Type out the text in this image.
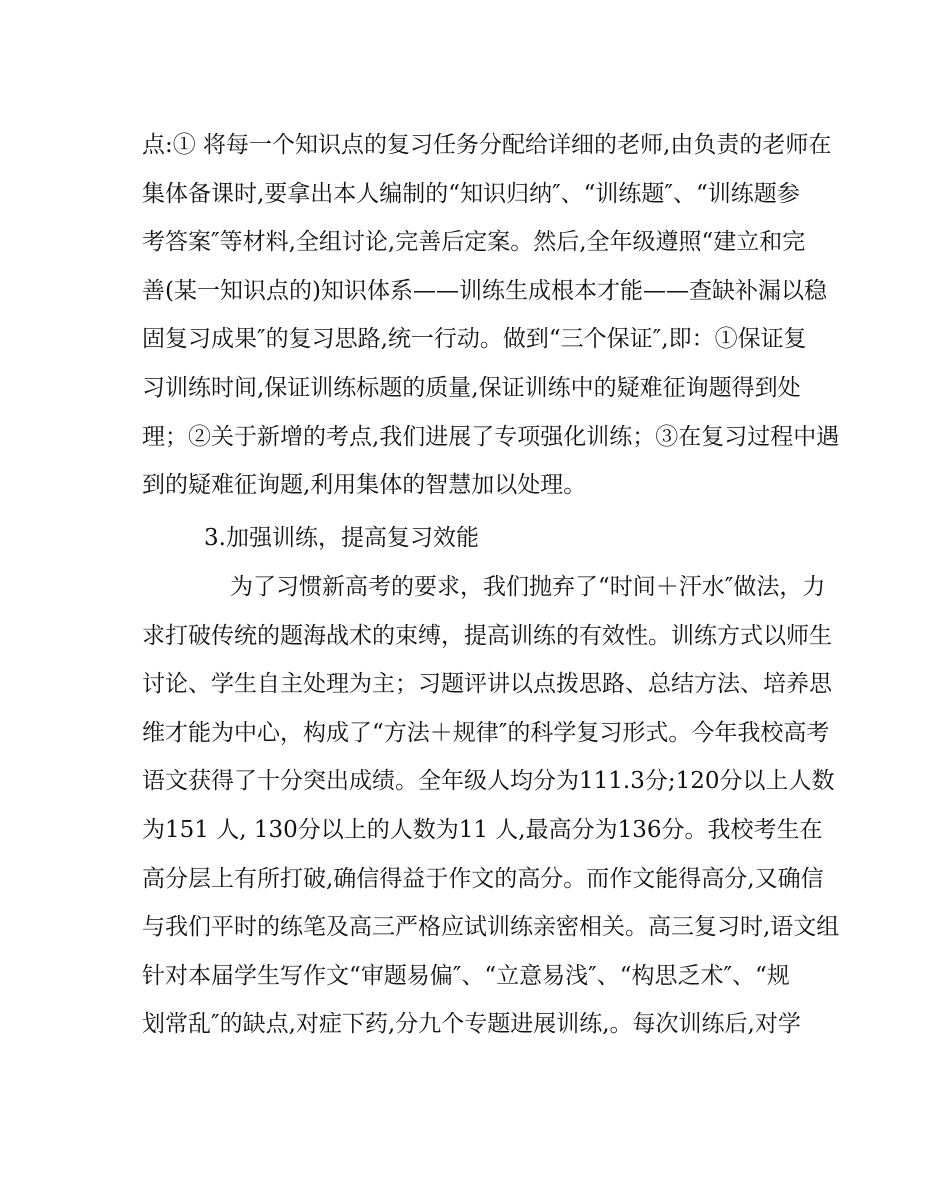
点:① 将每一个知识点的复习任务分配给详细的老师,由负责的老师在
集体备课时,要拿出本人编制的“知识归纳″、“训练题″、“训练题参
考答案″等材料,全组讨论,完善后定案。然后,全年级遵照“建立和完
善(某一知识点的)知识体系——训练生成根本才能——查缺补漏以稳
固复习成果″的复习思路,统一行动。做到“三个保证″,即：①保证复
习训练时间,保证训练标题的质量,保证训练中的疑难征询题得到处
理；②关于新增的考点,我们进展了专项强化训练；③在复习过程中遇
到的疑难征询题,利用集体的智慧加以处理。
3.加强训练，提高复习效能
为了习惯新高考的要求，我们抛弃了“时间＋汗水″做法，力
求打破传统的题海战术的束缚，提高训练的有效性。训练方式以师生
讨论、学生自主处理为主；习题评讲以点拨思路、总结方法、培养思
维才能为中心，构成了“方法＋规律″的科学复习形式。今年我校高考
语文获得了十分突出成绩。全年级人均分为111.3分;120分以上人数
为151 人, 130分以上的人数为11 人,最高分为136分。我校考生在
高分层上有所打破,确信得益于作文的高分。而作文能得高分,又确信
与我们平时的练笔及高三严格应试训练亲密相关。高三复习时,语文组
针对本届学生写作文“审题易偏″、“立意易浅″、“构思乏术″、“规
划常乱″的缺点,对症下药,分九个专题进展训练,。每次训练后,对学
